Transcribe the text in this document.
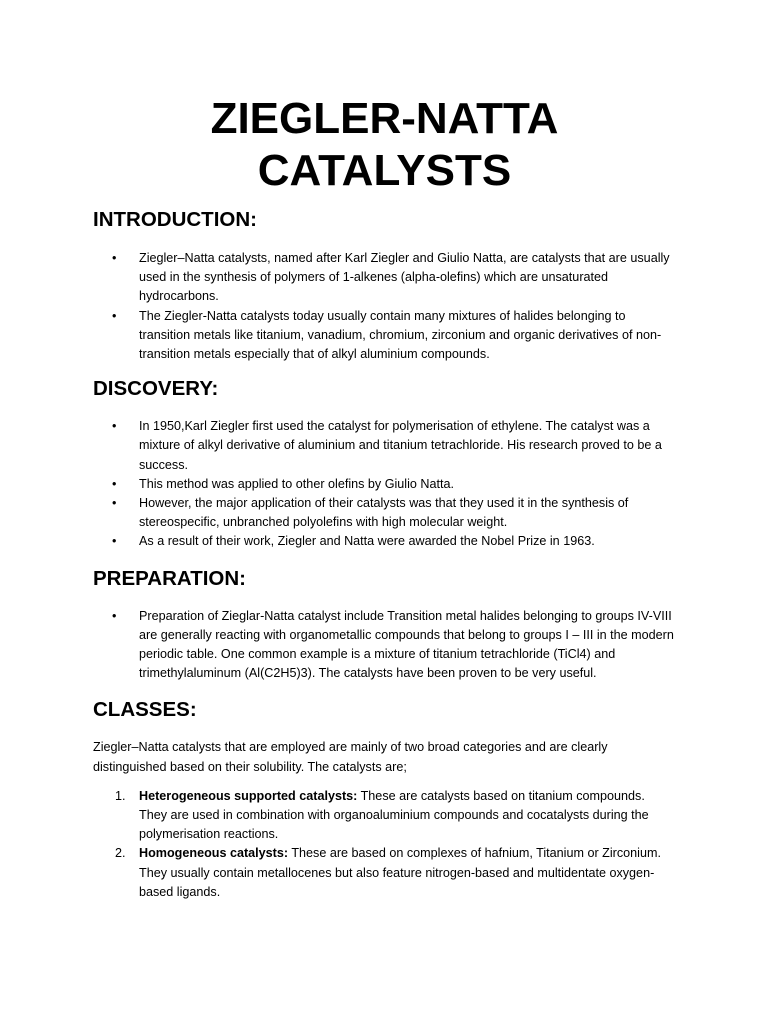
ZIEGLER-NATTA CATALYSTS
INTRODUCTION:
• Ziegler–Natta catalysts, named after Karl Ziegler and Giulio Natta, are catalysts that are usually used in the synthesis of polymers of 1-alkenes (alpha-olefins) which are unsaturated hydrocarbons.
• The Ziegler-Natta catalysts today usually contain many mixtures of halides belonging to transition metals like titanium, vanadium, chromium, zirconium and organic derivatives of non-transition metals especially that of alkyl aluminium compounds.
DISCOVERY:
• In 1950,Karl Ziegler first used the catalyst for polymerisation of ethylene. The catalyst was a mixture of alkyl derivative of aluminium and titanium tetrachloride. His research proved to be a success.
• This method was applied to other olefins by Giulio Natta.
• However, the major application of their catalysts was that they used it in the synthesis of stereospecific, unbranched polyolefins with high molecular weight.
• As a result of their work, Ziegler and Natta were awarded the Nobel Prize in 1963.
PREPARATION:
• Preparation of Zieglar-Natta catalyst include Transition metal halides belonging to groups IV-VIII are generally reacting with organometallic compounds that belong to groups I – III in the modern periodic table. One common example is a mixture of titanium tetrachloride (TiCl4) and trimethylaluminum (Al(C2H5)3). The catalysts have been proven to be very useful.
CLASSES:

Ziegler–Natta catalysts that are employed are mainly of two broad categories and are clearly distinguished based on their solubility. The catalysts are;

1. Heterogeneous supported catalysts: These are catalysts based on titanium compounds. They are used in combination with organoaluminium compounds and cocatalysts during the polymerisation reactions.
2. Homogeneous catalysts: These are based on complexes of hafnium, Titanium or Zirconium. They usually contain metallocenes but also feature nitrogen-based and multidentate oxygen-based ligands.
